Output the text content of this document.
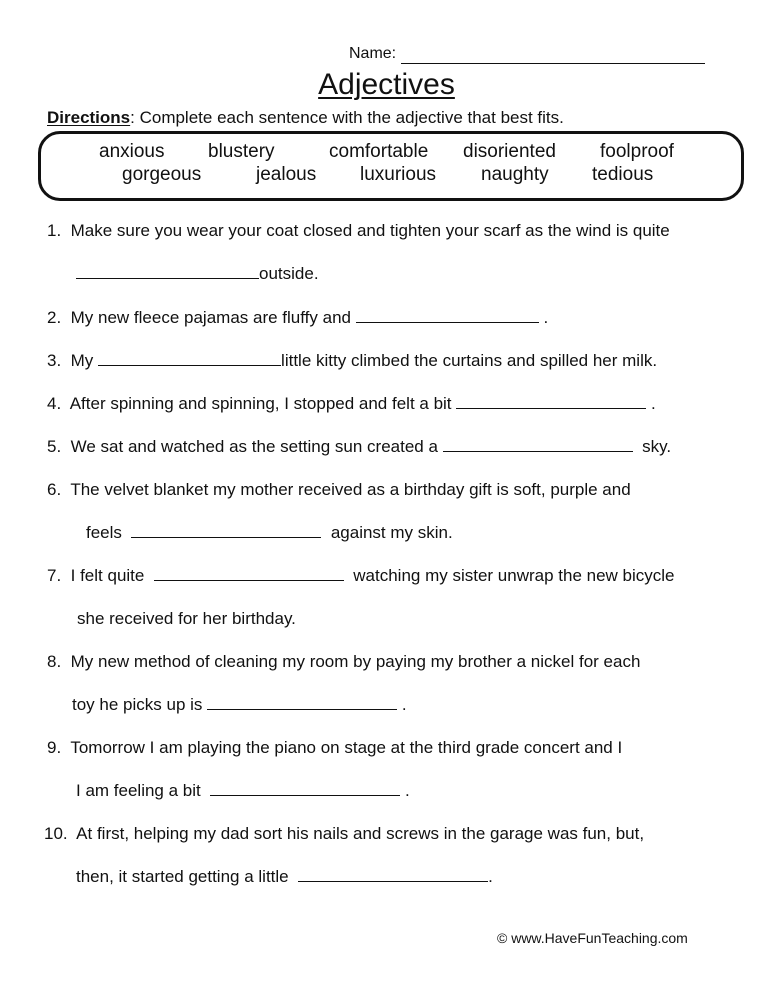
Name:
Adjectives
Directions: Complete each sentence with the adjective that best fits.
anxious blustery	comfortable disoriented foolproof
gorgeous	jealous luxurious naughty tedious
1. Make sure you wear your coat closed and tighten your scarf as the wind is quite
outside.
2. My new fleece pajamas are fluffy and	.
3. My	little kitty climbed the curtains and spilled her milk.
4. After spinning and spinning, I stopped and felt a bit	.
5. We sat and watched as the setting sun created a	sky.
6. The velvet blanket my mother received as a birthday gift is soft, purple and
feels	against my skin.
7. I felt quite	watching my sister unwrap the new bicycle
she received for her birthday.
8. My new method of cleaning my room by paying my brother a nickel for each
toy he picks up is	.
9. Tomorrow I am playing the piano on stage at the third grade concert and I
I am feeling a bit	.
10. At first, helping my dad sort his nails and screws in the garage was fun, but,
then, it started getting a little	.
© www.HaveFunTeaching.com
